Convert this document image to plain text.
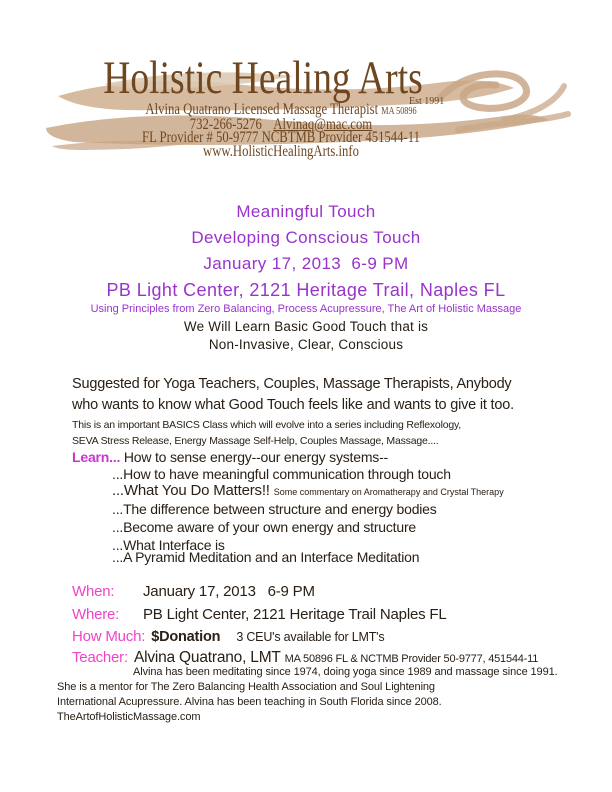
Holistic Healing Arts
Est 1991
Alvina Quatrano Licensed Massage Therapist MA 50896
732-266-5276 Alvinaq@mac.com
FL Provider # 50-9777 NCBTMB Provider 451544-11
www.HolisticHealingArts.info
Meaningful Touch
Developing Conscious Touch
January 17, 2013  6-9 PM
PB Light Center, 2121 Heritage Trail, Naples FL
Using Principles from Zero Balancing, Process Acupressure, The Art of Holistic Massage
We Will Learn Basic Good Touch that is
Non-Invasive, Clear, Conscious
Suggested for Yoga Teachers, Couples, Massage Therapists, Anybody
who wants to know what Good Touch feels like and wants to give it too.
This is an important BASICS Class which will evolve into a series including Reflexology,
SEVA Stress Release, Energy Massage Self-Help, Couples Massage, Massage....
Learn... How to sense energy--our energy systems--
...How to have meaningful communication through touch
...What You Do Matters!! Some commentary on Aromatherapy and Crystal Therapy
...The difference between structure and energy bodies
...Become aware of your own energy and structure
...What Interface is
...A Pyramid Meditation and an Interface Meditation
When: January 17, 2013   6-9 PM
Where: PB Light Center, 2121 Heritage Trail Naples FL
How Much: $Donation 3 CEU's available for LMT's
Teacher: Alvina Quatrano, LMT MA 50896 FL & NCTMB Provider 50-9777, 451544-11
Alvina has been meditating since 1974, doing yoga since 1989 and massage since 1991.
She is a mentor for The Zero Balancing Health Association and Soul Lightening
International Acupressure. Alvina has been teaching in South Florida since 2008.
TheArtofHolisticMassage.com
